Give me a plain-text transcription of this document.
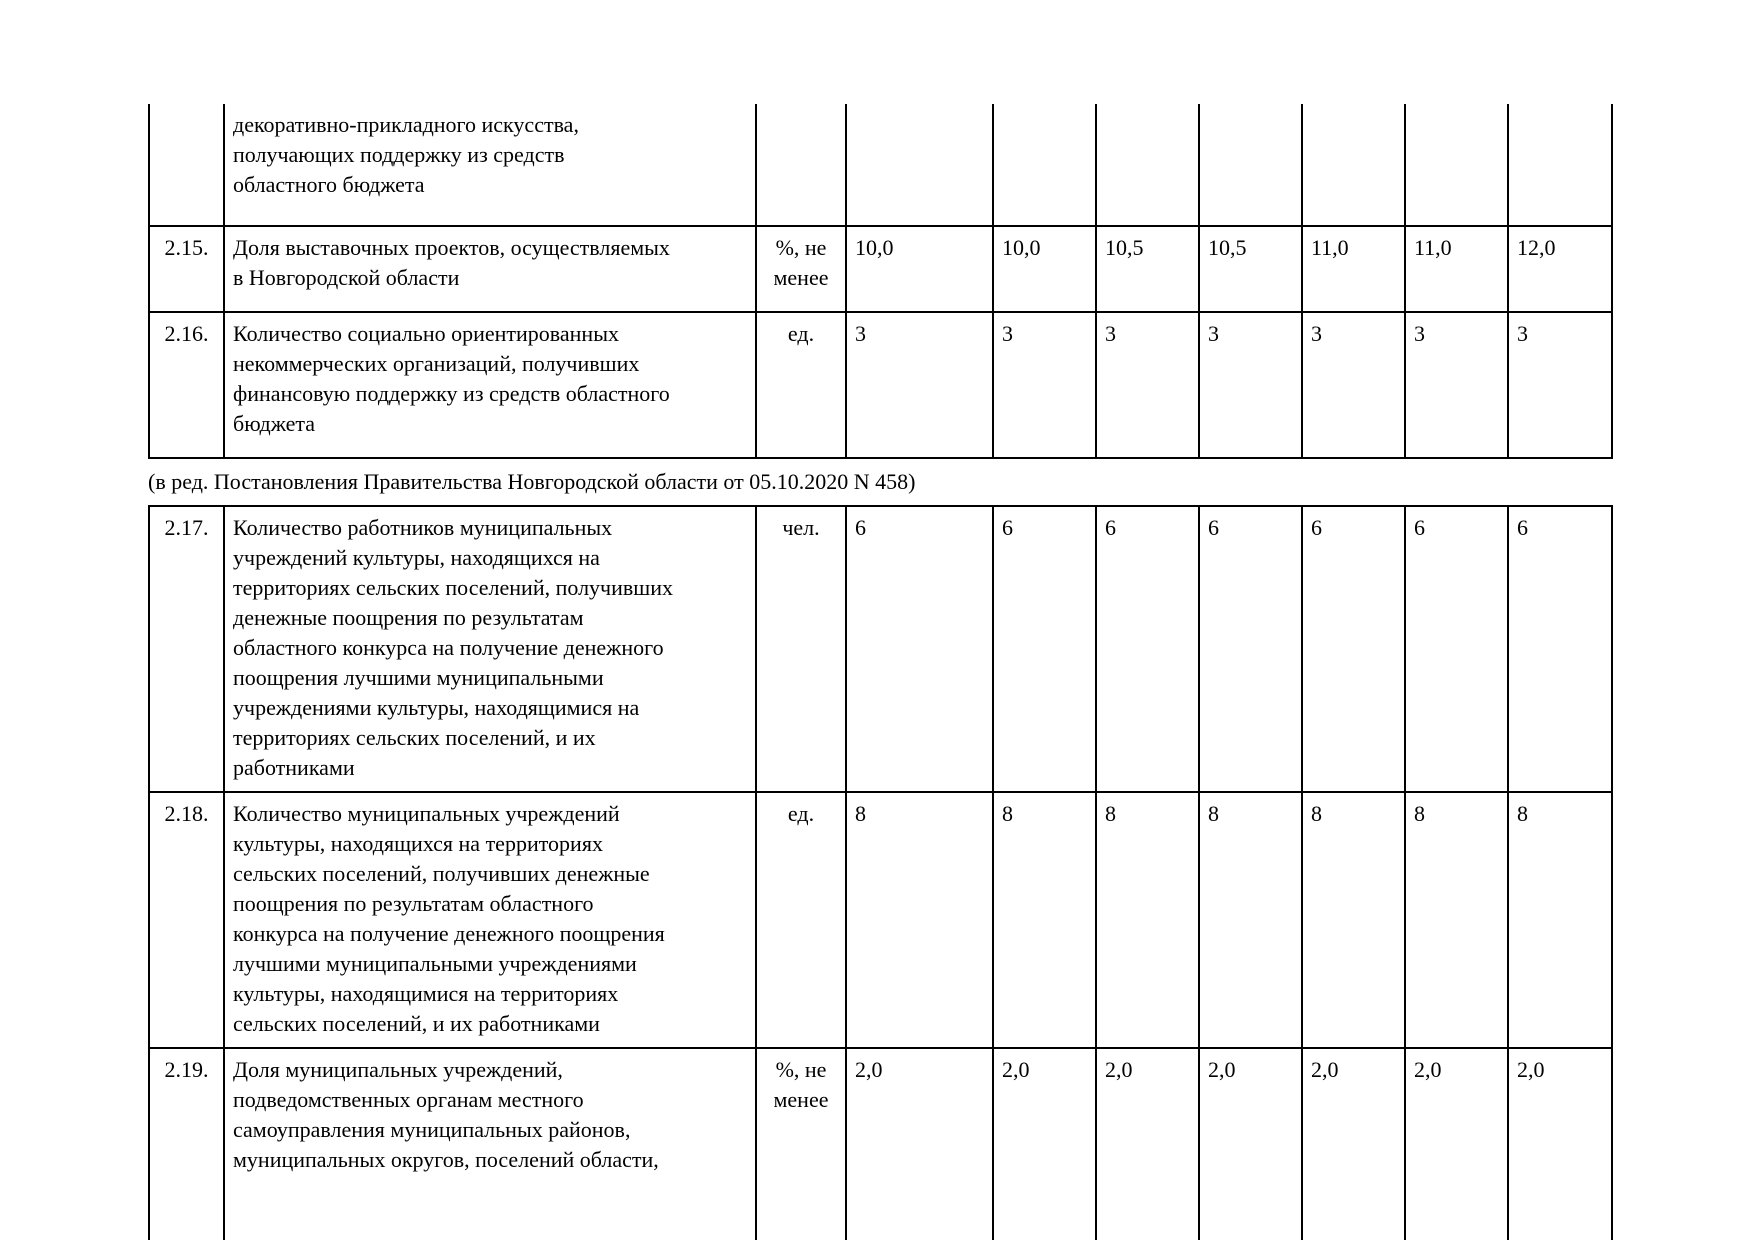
	декоративно-прикладного искусства,
получающих поддержку из средств
областного бюджета								
2.15.	Доля выставочных проектов, осуществляемых
в Новгородской области	%, не
менее	10,0	10,0	10,5	10,5	11,0	11,0	12,0
2.16.	Количество социально ориентированных
некоммерческих организаций, получивших
финансовую поддержку из средств областного
бюджета	ед.	3	3	3	3	3	3	3
(в ред. Постановления Правительства Новгородской области от 05.10.2020 N 458)
2.17.	Количество работников муниципальных
учреждений культуры, находящихся на
территориях сельских поселений, получивших
денежные поощрения по результатам
областного конкурса на получение денежного
поощрения лучшими муниципальными
учреждениями культуры, находящимися на
территориях сельских поселений, и их
работниками	чел.	6	6	6	6	6	6	6
2.18.	Количество муниципальных учреждений
культуры, находящихся на территориях
сельских поселений, получивших денежные
поощрения по результатам областного
конкурса на получение денежного поощрения
лучшими муниципальными учреждениями
культуры, находящимися на территориях
сельских поселений, и их работниками	ед.	8	8	8	8	8	8	8
2.19.	Доля муниципальных учреждений,
подведомственных органам местного
самоуправления муниципальных районов,
муниципальных округов, поселений области,	%, не
менее	2,0	2,0	2,0	2,0	2,0	2,0	2,0
